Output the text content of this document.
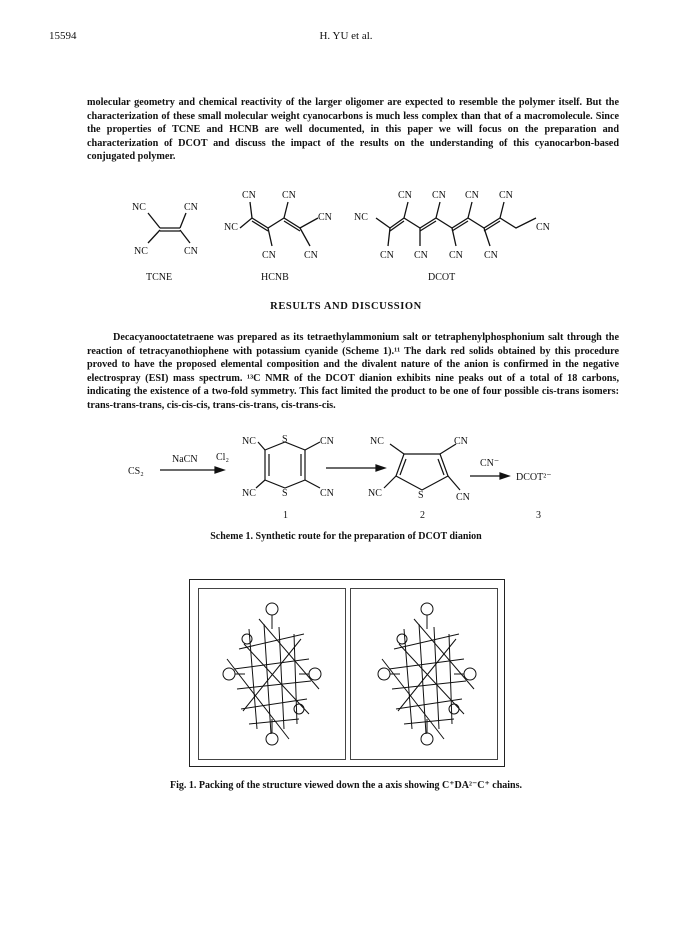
15594	H. YU et al.
molecular geometry and chemical reactivity of the larger oligomer are expected to resemble the polymer itself. But the characterization of these small molecular weight cyanocarbons is much less complex than that of a macromolecule. Since the properties of TCNE and HCNB are well documented, in this paper we will focus on the preparation and characterization of DCOT and discuss the impact of the results on the understanding of this cyanocarbon-based conjugated polymer.
NC	CN
NC	CN
TCNE
CN	CN
NC
CN
CN	CN
HCNB
NC
CN CN CN CN
CN
CN CN CN CN
DCOT
RESULTS AND DISCUSSION
Decacyanooctatetraene was prepared as its tetraethylammonium salt or tetraphenylphosphonium salt through the reaction of tetracyanothiophene with potassium cyanide (Scheme 1).¹¹ The dark red solids obtained by this procedure proved to have the proposed elemental composition and the divalent nature of the anion is confirmed in the negative electrospray (ESI) mass spectrum. ¹³C NMR of the DCOT dianion exhibits nine peaks out of a total of 18 carbons, indicating the existence of a two-fold symmetry. This fact limited the product to be one of four possible cis-trans isomers: trans-trans-trans, cis-cis-cis, trans-cis-trans, cis-trans-cis.
CS₂
NaCN Cl₂
NC	S	CN
NC	S	CN
NC	CN
NC	S	CN
CN⁻
DCOT²⁻
1	2	3
Scheme 1. Synthetic route for the preparation of DCOT dianion
Fig. 1. Packing of the structure viewed down the a axis showing C⁺DA²⁻C⁺ chains.
